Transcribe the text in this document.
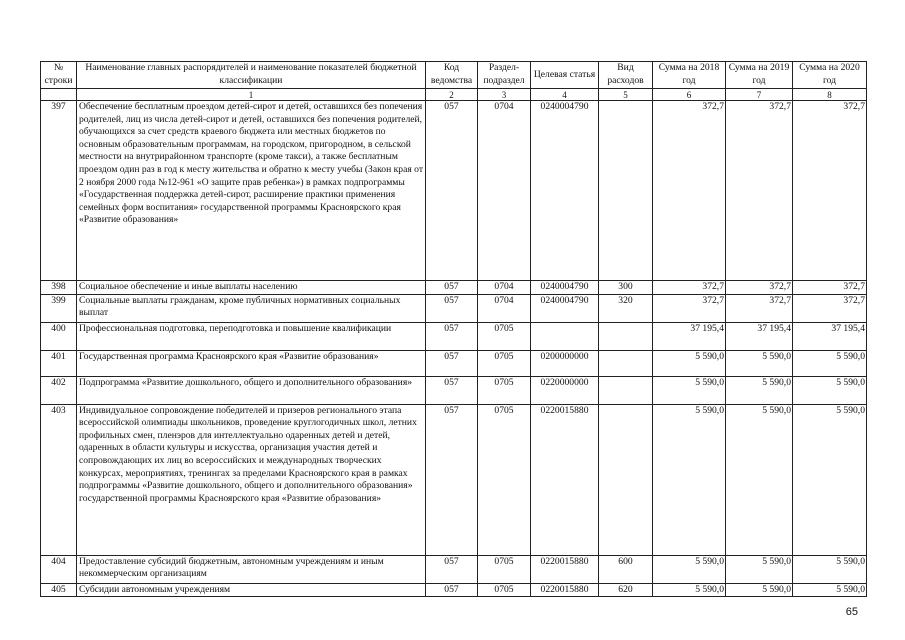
№ строки	Наименование главных распорядителей и наименование показателей бюджетной классификации	Код ведомства	Раздел-подраздел	Целевая статья	Вид расходов	Сумма на 2018 год	Сумма на 2019 год	Сумма на 2020 год
	1	2	3	4	5	6	7	8
397	Обеспечение бесплатным проездом детей-сирот и детей, оставшихся без попечения родителей, лиц из числа детей-сирот и детей, оставшихся без попечения родителей, обучающихся за счет средств краевого бюджета или местных бюджетов по основным образовательным программам, на городском, пригородном, в сельской местности на внутрирайонном транспорте (кроме такси), а также бесплатным проездом один раз в год к месту жительства и обратно к месту учебы (Закон края от 2 ноября 2000 года №12-961 «О защите прав ребенка») в рамках подпрограммы «Государственная поддержка детей-сирот, расширение практики применения семейных форм воспитания» государственной программы Красноярского края «Развитие образования»	057	0704	0240004790		372,7	372,7	372,7
398	Социальное обеспечение и иные выплаты населению	057	0704	0240004790	300	372,7	372,7	372,7
399	Социальные выплаты гражданам, кроме публичных нормативных социальных выплат	057	0704	0240004790	320	372,7	372,7	372,7
400	Профессиональная подготовка, переподготовка и повышение квалификации	057	0705			37 195,4	37 195,4	37 195,4
401	Государственная программа Красноярского края «Развитие образования»	057	0705	0200000000		5 590,0	5 590,0	5 590,0
402	Подпрограмма «Развитие дошкольного, общего и дополнительного образования»	057	0705	0220000000		5 590,0	5 590,0	5 590,0
403	Индивидуальное сопровождение победителей и призеров регионального этапа всероссийской олимпиады школьников, проведение круглогодичных школ, летних профильных смен, пленэров для интеллектуально одаренных детей и детей, одаренных в области культуры и искусства, организация участия детей и сопровождающих их лиц во всероссийских и международных творческих конкурсах, мероприятиях, тренингах за пределами Красноярского края в рамках подпрограммы «Развитие дошкольного, общего и дополнительного образования» государственной программы Красноярского края «Развитие образования»	057	0705	0220015880		5 590,0	5 590,0	5 590,0
404	Предоставление субсидий бюджетным, автономным учреждениям и иным некоммерческим организациям	057	0705	0220015880	600	5 590,0	5 590,0	5 590,0
405	Субсидии автономным учреждениям	057	0705	0220015880	620	5 590,0	5 590,0	5 590,0
65
